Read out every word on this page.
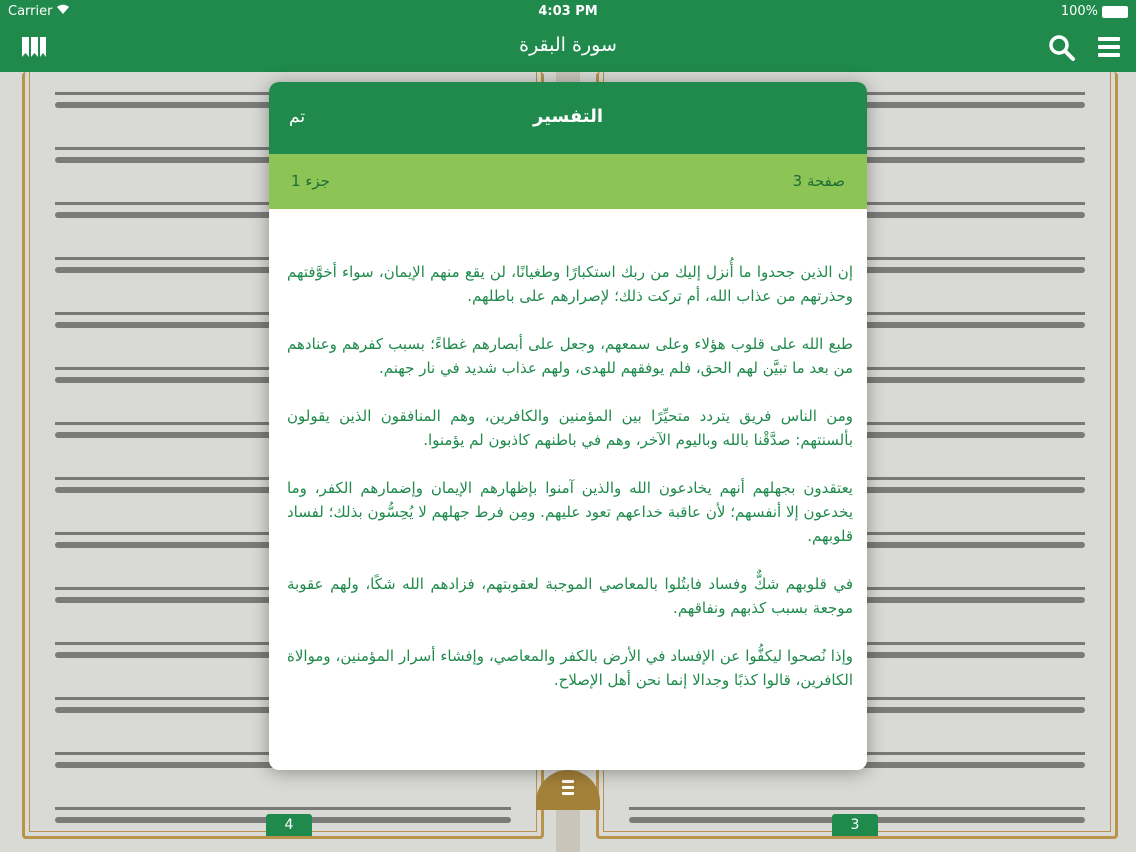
Carrier	4:03 PM	100%
سورة البقرة
4	3
تم	التفسير
جزء 1	صفحة 3

إن الذين جحدوا ما أُنزل إليك من ربك استكبارًا وطغيانًا، لن يقع منهم الإيمان، سواء أخوَّفتهم وحذرتهم من عذاب الله، أم تركت ذلك؛ لإصرارهم على باطلهم.

طبع الله على قلوب هؤلاء وعلى سمعهم، وجعل على أبصارهم غطاءً؛ بسبب كفرهم وعنادهم من بعد ما تبيَّن لهم الحق، فلم يوفقهم للهدى، ولهم عذاب شديد في نار جهنم.

ومن الناس فريق يتردد متحيِّرًا بين المؤمنين والكافرين، وهم المنافقون الذين يقولون بألسنتهم: صدَّقْنا بالله وباليوم الآخر، وهم في باطنهم كاذبون لم يؤمنوا.

يعتقدون بجهلهم أنهم يخادعون الله والذين آمنوا بإظهارهم الإيمان وإضمارهم الكفر، وما يخدعون إلا أنفسهم؛ لأن عاقبة خداعهم تعود عليهم. ومِن فرط جهلهم لا يُحِسُّون بذلك؛ لفساد قلوبهم.

في قلوبهم شكٌّ وفساد فابتُلوا بالمعاصي الموجبة لعقوبتهم، فزادهم الله شكًا، ولهم عقوبة موجعة بسبب كذبهم ونفاقهم.

وإذا نُصحوا ليكفُّوا عن الإفساد في الأرض بالكفر والمعاصي، وإفشاء أسرار المؤمنين، وموالاة الكافرين، قالوا كذبًا وجدالا إنما نحن أهل الإصلاح.
